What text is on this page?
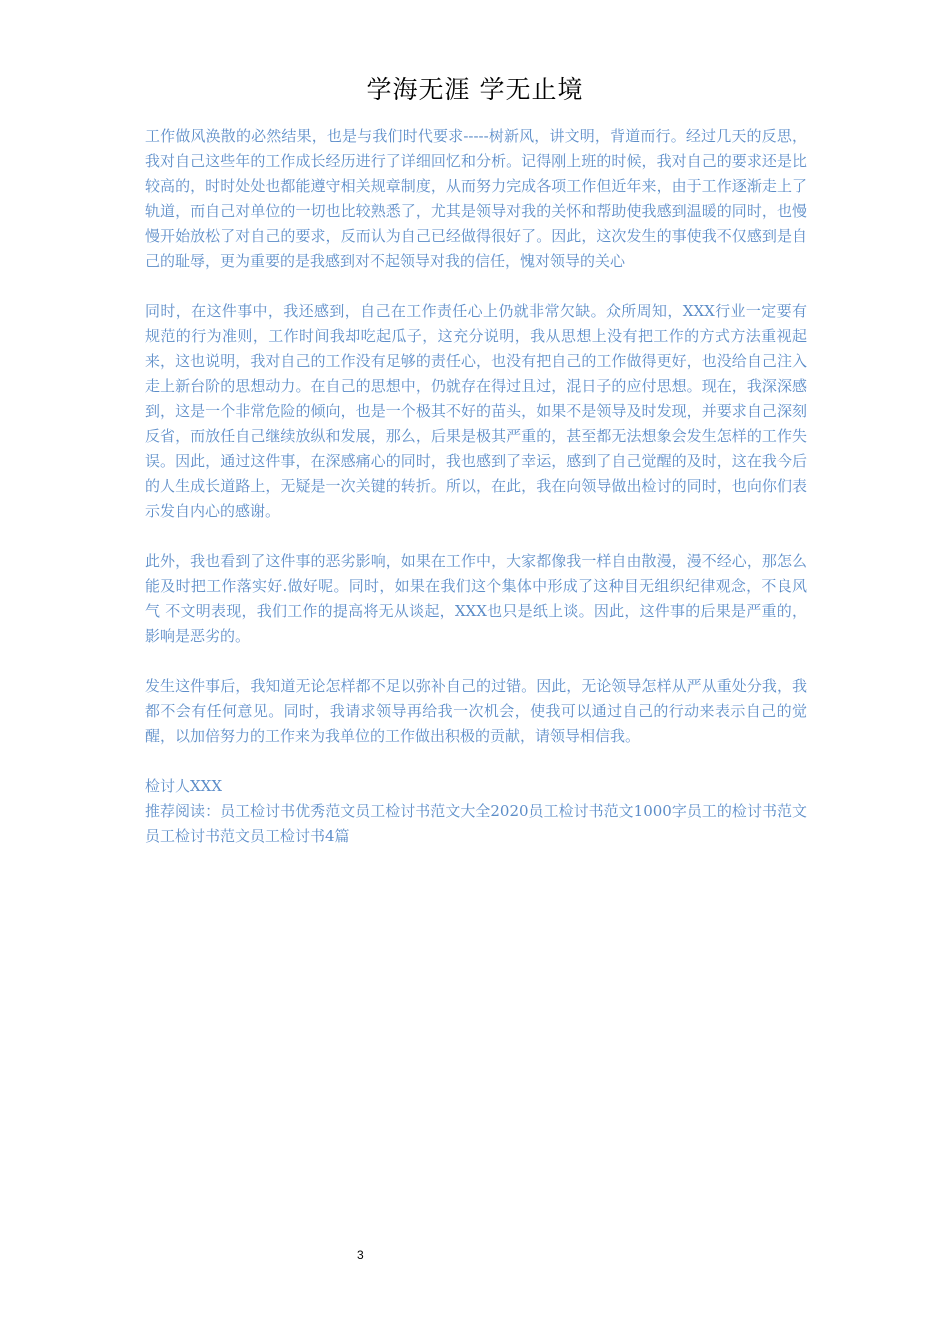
学海无涯 学无止境

工作做风涣散的必然结果，也是与我们时代要求-----树新风，讲文明，背道而行。经过几天的反思，我对自己这些年的工作成长经历进行了详细回忆和分析。记得刚上班的时候，我对自己的要求还是比较高的，时时处处也都能遵守相关规章制度，从而努力完成各项工作但近年来，由于工作逐渐走上了轨道，而自己对单位的一切也比较熟悉了，尤其是领导对我的关怀和帮助使我感到温暖的同时，也慢慢开始放松了对自己的要求，反而认为自己已经做得很好了。因此，这次发生的事使我不仅感到是自己的耻辱，更为重要的是我感到对不起领导对我的信任，愧对领导的关心

同时，在这件事中，我还感到，自己在工作责任心上仍就非常欠缺。众所周知，XXX行业一定要有规范的行为准则，工作时间我却吃起瓜子，这充分说明，我从思想上没有把工作的方式方法重视起来，这也说明，我对自己的工作没有足够的责任心，也没有把自己的工作做得更好，也没给自己注入走上新台阶的思想动力。在自己的思想中，仍就存在得过且过，混日子的应付思想。现在，我深深感到，这是一个非常危险的倾向，也是一个极其不好的苗头，如果不是领导及时发现，并要求自己深刻反省，而放任自己继续放纵和发展，那么，后果是极其严重的，甚至都无法想象会发生怎样的工作失误。因此，通过这件事，在深感痛心的同时，我也感到了幸运，感到了自己觉醒的及时，这在我今后的人生成长道路上，无疑是一次关键的转折。所以，在此，我在向领导做出检讨的同时，也向你们表示发自内心的感谢。

此外，我也看到了这件事的恶劣影响，如果在工作中，大家都像我一样自由散漫，漫不经心，那怎么能及时把工作落实好.做好呢。同时，如果在我们这个集体中形成了这种目无组织纪律观念，不良风气 不文明表现，我们工作的提高将无从谈起，XXX也只是纸上谈。因此，这件事的后果是严重的，影响是恶劣的。

发生这件事后，我知道无论怎样都不足以弥补自己的过错。因此，无论领导怎样从严从重处分我，我都不会有任何意见。同时，我请求领导再给我一次机会，使我可以通过自己的行动来表示自己的觉醒，以加倍努力的工作来为我单位的工作做出积极的贡献，请领导相信我。

检讨人XXX

推荐阅读：员工检讨书优秀范文员工检讨书范文大全2020员工检讨书范文1000字员工的检讨书范文员工检讨书范文员工检讨书4篇

3
